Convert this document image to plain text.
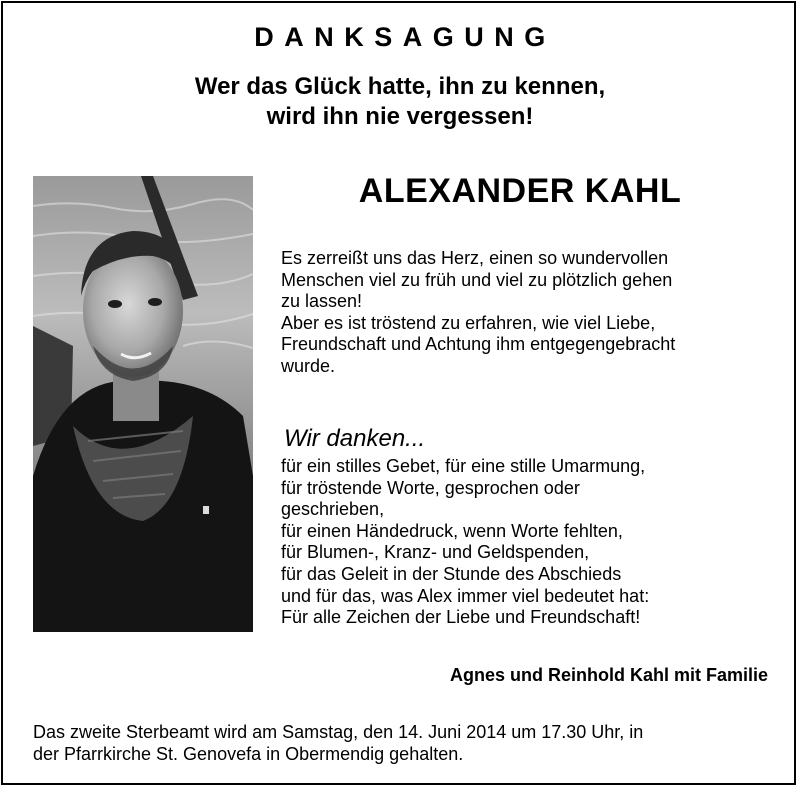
DANKSAGUNG
Wer das Glück hatte, ihn zu kennen,
wird ihn nie vergessen!
ALEXANDER KAHL
Es zerreißt uns das Herz, einen so wundervollen
Menschen viel zu früh und viel zu plötzlich gehen
zu lassen!
Aber es ist tröstend zu erfahren, wie viel Liebe,
Freundschaft und Achtung ihm entgegengebracht
wurde.
Wir danken...
für ein stilles Gebet, für eine stille Umarmung,
für tröstende Worte, gesprochen oder
geschrieben,
für einen Händedruck, wenn Worte fehlten,
für Blumen-, Kranz- und Geldspenden,
für das Geleit in der Stunde des Abschieds
und für das, was Alex immer viel bedeutet hat:
Für alle Zeichen der Liebe und Freundschaft!
Agnes und Reinhold Kahl mit Familie
Das zweite Sterbeamt wird am Samstag, den 14. Juni 2014 um 17.30 Uhr, in
der Pfarrkirche St. Genovefa in Obermendig gehalten.
